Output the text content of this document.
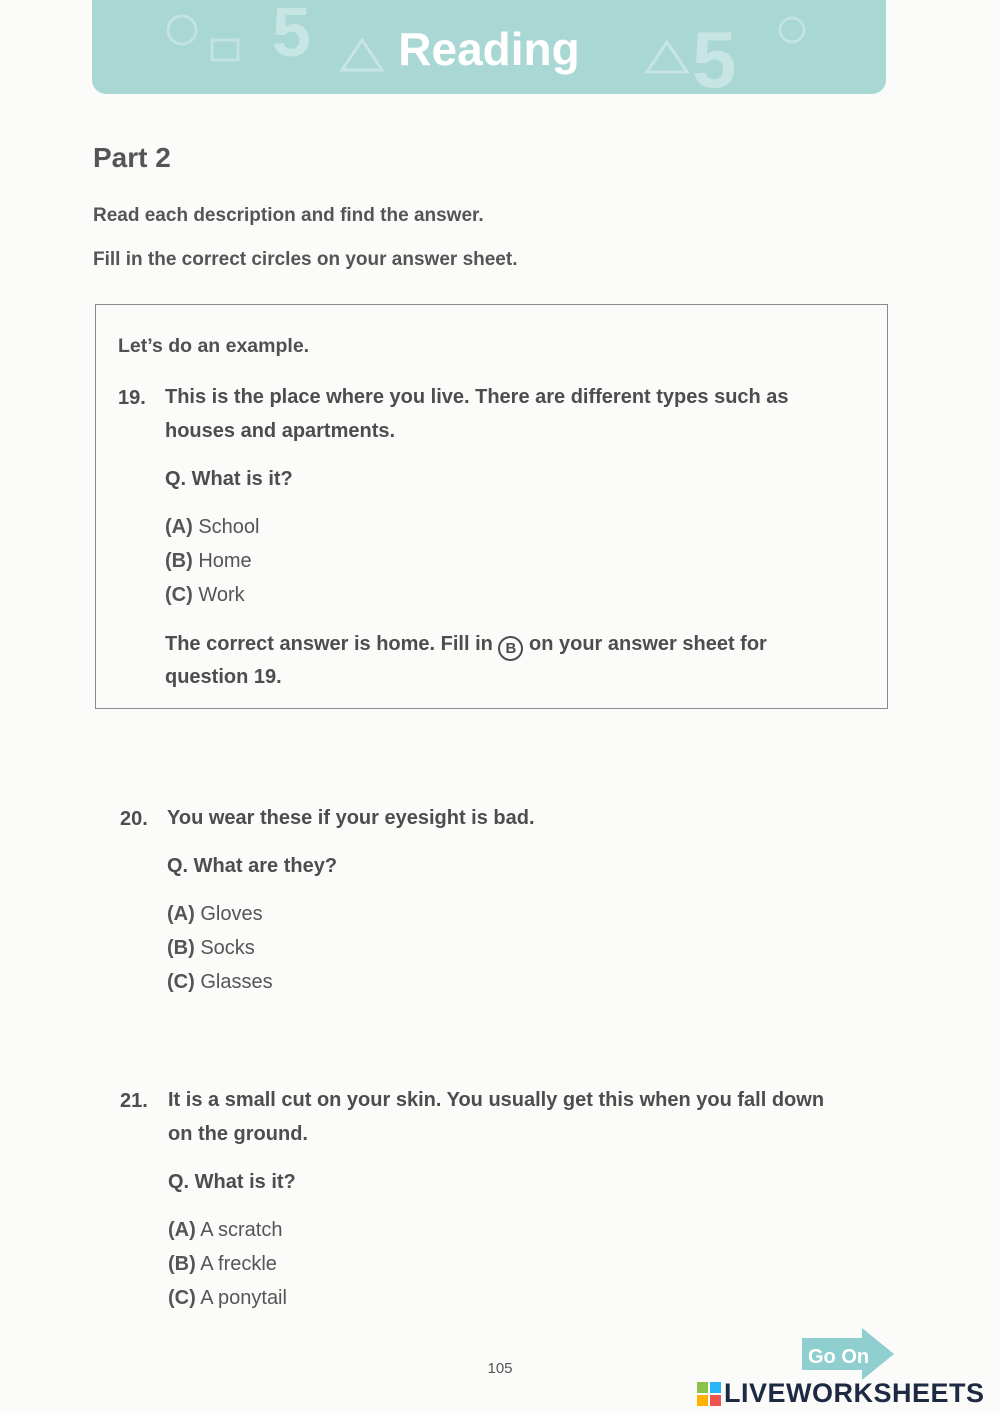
5	5
Reading
Part 2
Read each description and find the answer.
Fill in the correct circles on your answer sheet.
Let’s do an example.
19. This is the place where you live. There are different types such as
houses and apartments.
Q. What is it?
(A) School
(B) Home
(C) Work
The correct answer is home. Fill in B on your answer sheet for
question 19.
20. You wear these if your eyesight is bad.
Q. What are they?
(A) Gloves
(B) Socks
(C) Glasses
21. It is a small cut on your skin. You usually get this when you fall down
on the ground.
Q. What is it?
(A) A scratch
(B) A freckle
(C) A ponytail
105
Go On
LIVEWORKSHEETS
